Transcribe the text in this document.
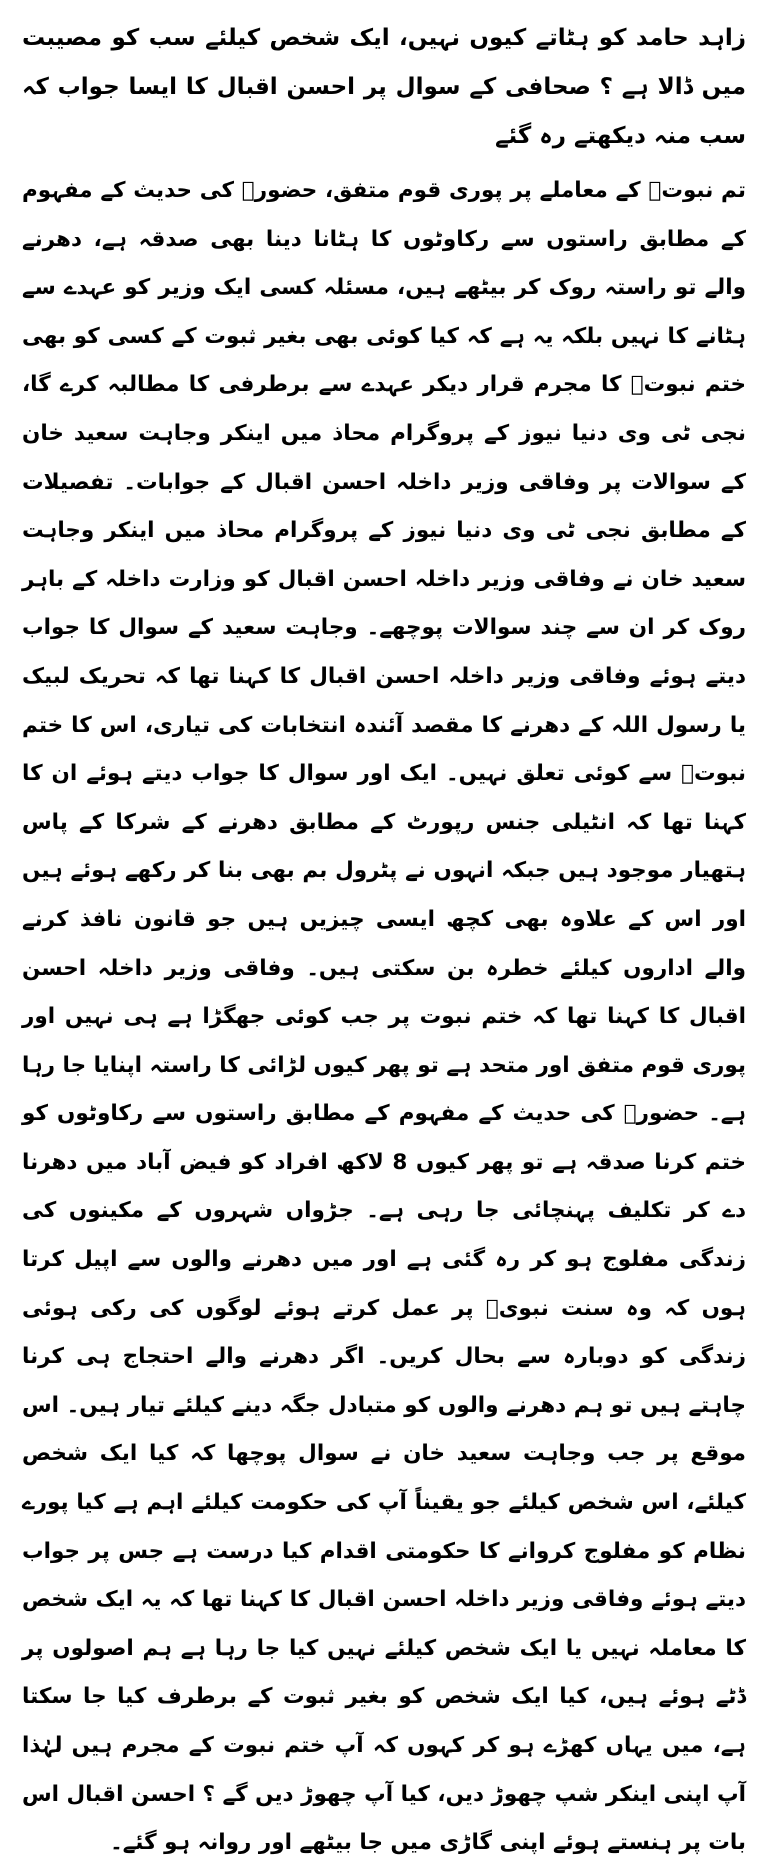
زاہد حامد کو ہٹاتے کیوں نہیں، ایک شخص کیلئے سب کو مصیبت میں ڈالا ہے ؟ صحافی کے سوال پر احسن اقبال کا ایسا جواب کہ سب منہ دیکھتے رہ گئے

تم نبوتؐ کے معاملے پر پوری قوم متفق، حضورؐ کی حدیث کے مفہوم کے مطابق راستوں سے رکاوٹوں کا ہٹانا دینا بھی صدقہ ہے، دھرنے والے تو راستہ روک کر بیٹھے ہیں، مسئلہ کسی ایک وزیر کو عہدے سے ہٹانے کا نہیں بلکہ یہ ہے کہ کیا کوئی بھی بغیر ثبوت کے کسی کو بھی ختم نبوتؐ کا مجرم قرار دیکر عہدے سے برطرفی کا مطالبہ کرے گا، نجی ٹی وی دنیا نیوز کے پروگرام محاذ میں اینکر وجاہت سعید خان کے سوالات پر وفاقی وزیر داخلہ احسن اقبال کے جوابات۔ تفصیلات کے مطابق نجی ٹی وی دنیا نیوز کے پروگرام محاذ میں اینکر وجاہت سعید خان نے وفاقی وزیر داخلہ احسن اقبال کو وزارت داخلہ کے باہر روک کر ان سے چند سوالات پوچھے۔ وجاہت سعید کے سوال کا جواب دیتے ہوئے وفاقی وزیر داخلہ احسن اقبال کا کہنا تھا کہ تحریک لبیک یا رسول اللہ کے دھرنے کا مقصد آئندہ انتخابات کی تیاری، اس کا ختم نبوتؐ سے کوئی تعلق نہیں۔ ایک اور سوال کا جواب دیتے ہوئے ان کا کہنا تھا کہ انٹیلی جنس رپورٹ کے مطابق دھرنے کے شرکا کے پاس ہتھیار موجود ہیں جبکہ انہوں نے پٹرول بم بھی بنا کر رکھے ہوئے ہیں اور اس کے علاوہ بھی کچھ ایسی چیزیں ہیں جو قانون نافذ کرنے والے اداروں کیلئے خطرہ بن سکتی ہیں۔ وفاقی وزیر داخلہ احسن اقبال کا کہنا تھا کہ ختم نبوت پر جب کوئی جھگڑا ہے ہی نہیں اور پوری قوم متفق اور متحد ہے تو پھر کیوں لڑائی کا راستہ اپنایا جا رہا ہے۔ حضورؐ کی حدیث کے مفہوم کے مطابق راستوں سے رکاوٹوں کو ختم کرنا صدقہ ہے تو پھر کیوں 8 لاکھ افراد کو فیض آباد میں دھرنا دے کر تکلیف پہنچائی جا رہی ہے۔ جڑواں شہروں کے مکینوں کی زندگی مفلوج ہو کر رہ گئی ہے اور میں دھرنے والوں سے اپیل کرتا ہوں کہ وہ سنت نبویؐ پر عمل کرتے ہوئے لوگوں کی رکی ہوئی زندگی کو دوبارہ سے بحال کریں۔ اگر دھرنے والے احتجاج ہی کرنا چاہتے ہیں تو ہم دھرنے والوں کو متبادل جگہ دینے کیلئے تیار ہیں۔ اس موقع پر جب وجاہت سعید خان نے سوال پوچھا کہ کیا ایک شخص کیلئے، اس شخص کیلئے جو یقیناً آپ کی حکومت کیلئے اہم ہے کیا پورے نظام کو مفلوج کروانے کا حکومتی اقدام کیا درست ہے جس پر جواب دیتے ہوئے وفاقی وزیر داخلہ احسن اقبال کا کہنا تھا کہ یہ ایک شخص کا معاملہ نہیں یا ایک شخص کیلئے نہیں کیا جا رہا ہے ہم اصولوں پر ڈٹے ہوئے ہیں، کیا ایک شخص کو بغیر ثبوت کے برطرف کیا جا سکتا ہے، میں یہاں کھڑے ہو کر کہوں کہ آپ ختم نبوت کے مجرم ہیں لہٰذا آپ اپنی اینکر شپ چھوڑ دیں، کیا آپ چھوڑ دیں گے ؟ احسن اقبال اس بات پر ہنستے ہوئے اپنی گاڑی میں جا بیٹھے اور روانہ ہو گئے۔
